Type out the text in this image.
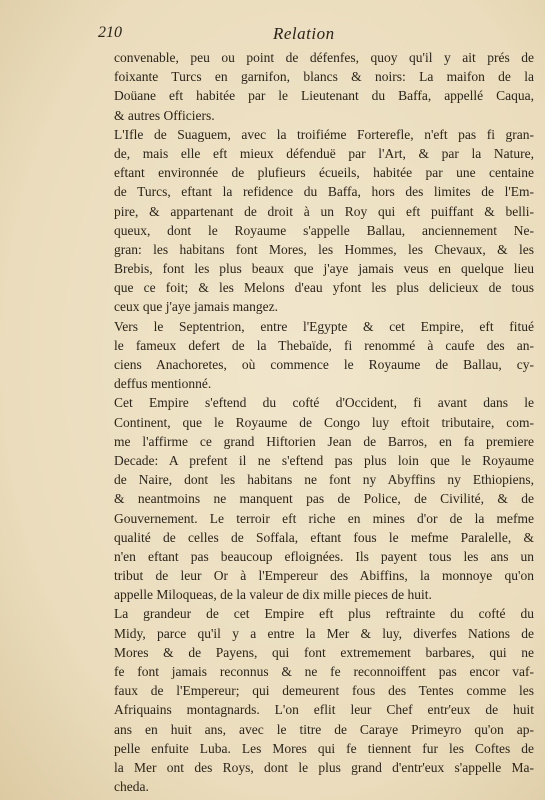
210	Relation
convenable, peu ou point de défenfes, quoy qu'il y ait prés de
foixante Turcs en garnifon, blancs & noirs: La maifon de la
Doüane eft habitée par le Lieutenant du Baffa, appellé Caqua,
& autres Officiers.
L'Ifle de Suaguem, avec la troifiéme Forterefle, n'eft pas fi gran-
de, mais elle eft mieux défenduë par l'Art, & par la Nature,
eftant environnée de plufieurs écueils, habitée par une centaine
de Turcs, eftant la refidence du Baffa, hors des limites de l'Em-
pire, & appartenant de droit à un Roy qui eft puiffant & belli-
queux, dont le Royaume s'appelle Ballau, anciennement Ne-
gran: les habitans font Mores, les Hommes, les Chevaux, & les
Brebis, font les plus beaux que j'aye jamais veus en quelque lieu
que ce foit; & les Melons d'eau yfont les plus delicieux de tous
ceux que j'aye jamais mangez.
Vers le Septentrion, entre l'Egypte & cet Empire, eft fitué
le fameux defert de la Thebaïde, fi renommé à caufe des an-
ciens Anachoretes, où commence le Royaume de Ballau, cy-
deffus mentionné.
Cet Empire s'eftend du cofté d'Occident, fi avant dans le
Continent, que le Royaume de Congo luy eftoit tributaire, com-
me l'affirme ce grand Hiftorien Jean de Barros, en fa premiere
Decade: A prefent il ne s'eftend pas plus loin que le Royaume
de Naire, dont les habitans ne font ny Abyffins ny Ethiopiens,
& neantmoins ne manquent pas de Police, de Civilité, & de
Gouvernement. Le terroir eft riche en mines d'or de la mefme
qualité de celles de Soffala, eftant fous le mefme Paralelle, &
n'en eftant pas beaucoup efloignées. Ils payent tous les ans un
tribut de leur Or à l'Empereur des Abiffins, la monnoye qu'on
appelle Miloqueas, de la valeur de dix mille pieces de huit.
La grandeur de cet Empire eft plus reftrainte du cofté du
Midy, parce qu'il y a entre la Mer & luy, diverfes Nations de
Mores & de Payens, qui font extremement barbares, qui ne
fe font jamais reconnus & ne fe reconnoiffent pas encor vaf-
faux de l'Empereur; qui demeurent fous des Tentes comme les
Afriquains montagnards. L'on eflit leur Chef entr'eux de huit
ans en huit ans, avec le titre de Caraye Primeyro qu'on ap-
pelle enfuite Luba. Les Mores qui fe tiennent fur les Coftes de
la Mer ont des Roys, dont le plus grand d'entr'eux s'appelle Ma-
cheda.
